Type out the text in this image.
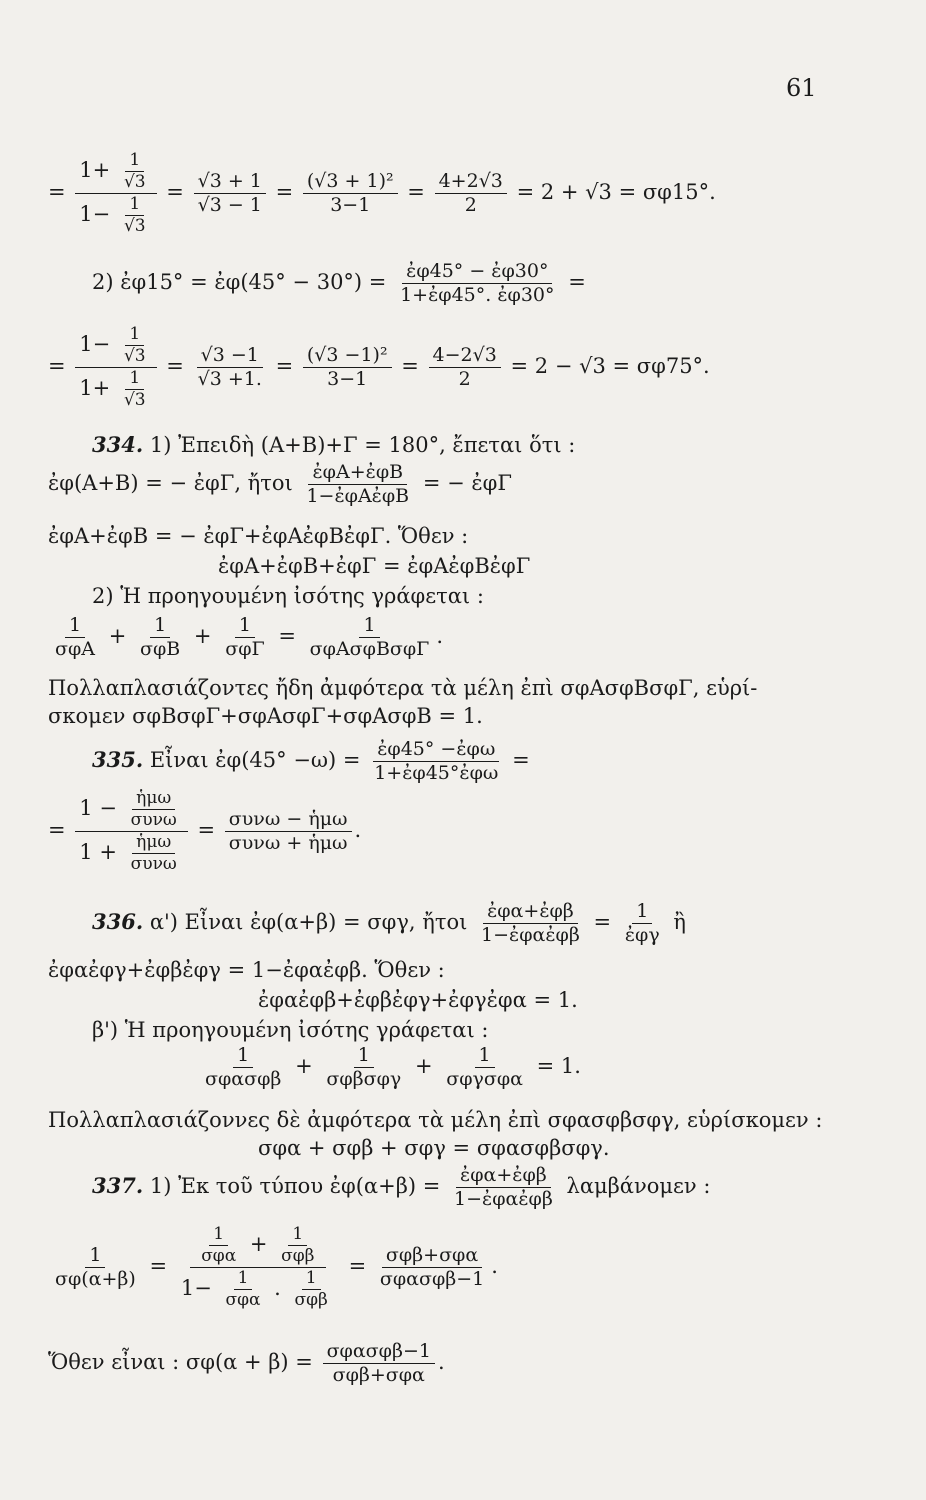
61
= $\frac{1+ \frac{1}{√3}}{1- \frac{1}{√3}} = \frac{√3 + 1}{√3 - 1} = \frac{\text{(√3 + 1)²}}{3-1} = \frac{4+2√3}{2} = 2 + √3 = \sigma\varphi 15^\circ$.
2) ἐφ15° = ἐφ(45° − $30^\circ) = \frac{\text{ἐφ45° − ἐφ30°}}{\text{1+ἐφ45°. ἐφ30°}}$ =
= $\frac{1- \frac{1}{√3}}{1+ \frac{1}{√3}} = \frac{√3 -1}{√3 +1.} = \frac{\text{(√3 −1)²}}{3-1} = \frac{4-2√3}{2} = 2 - √3 = \sigma\varphi 75^\circ$.
334. 1) Ἐπειδὴ (Α+Β)+Γ = 180°, ἔπεται ὅτι :
ἐφ(Α+Β) = − ἐφΓ, ἤτοι $\frac{\text{ἐφΑ+ἐφΒ}}{\text{1−ἐφΑἐφΒ}}$ = − ἐφΓ
ἐφΑ+ἐφΒ = − ἐφΓ+ἐφΑἐφΒἐφΓ. Ὅθεν :
ἐφΑ+ἐφΒ+ἐφΓ = ἐφΑἐφΒἐφΓ
2) Ἡ προηγουμένη ἰσότης γράφεται :
$\frac{1}{\text{σφΑ}} + \frac{1}{\text{σφΒ}} + \frac{1}{\text{σφΓ}} = \frac{1}{\text{σφΑσφΒσφΓ}}$ .
Πολλαπλασιάζοντες ἤδη ἀμφότερα τὰ μέλη ἐπὶ σφΑσφΒσφΓ, εὑρί-
σκομεν σφΒσφΓ+σφΑσφΓ+σφΑσφΒ = 1.
335. Εἶναι ἐφ(45° $-\omega) = \frac{\text{ἐφ45° −ἐφω}}{\text{1+ἐφ45°ἐφω}}$ =
= $\frac{1 - \frac{\text{ἡμω}}{\text{συνω}}}{1 + \frac{\text{ἡμω}}{\text{συνω}}} = \frac{\text{συνω − ἡμω}}{\text{συνω + ἡμω}}$ .
336. α') Εἶναι ἐφ(α+β) = σφγ, ἤτοι $\frac{\text{ἐφα+ἐφβ}}{\text{1−ἐφαἐφβ}} = \frac{1}{\text{ἐφγ}}$ ἢ
ἐφαἐφγ+ἐφβἐφγ = 1−ἐφαἐφβ. Ὅθεν :
ἐφαἐφβ+ἐφβἐφγ+ἐφγἐφα = 1.
β') Ἡ προηγουμένη ἰσότης γράφεται :
$\frac{1}{\text{σφασφβ}} + \frac{1}{\text{σφβσφγ}} + \frac{1}{\text{σφγσφα}} = 1$.
Πολλαπλασιάζοννες δὲ ἀμφότερα τὰ μέλη ἐπὶ σφασφβσφγ, εὑρίσκομεν :
σφα + σφβ + σφγ = σφασφβσφγ.
337. 1) Ἐκ τοῦ τύπου ἐφ(α+β) = $\frac{\text{ἐφα+ἐφβ}}{\text{1−ἐφαἐφβ}}$ λαμβάνομεν :
$\frac{1}{\sigma\varphi(\alpha+\beta)} = \frac{\frac{1}{\text{σφα}} + \frac{1}{\text{σφβ}}}{1- \frac{1}{\text{σφα}} . \frac{1}{\text{σφβ}}} = \frac{\text{σφβ+σφα}}{\text{σφασφβ−1}}$ .
Ὅθεν εἶναι : $\sigma\varphi(\alpha + \beta) = \frac{\text{σφασφβ−1}}{\text{σφβ+σφα}}$ .
